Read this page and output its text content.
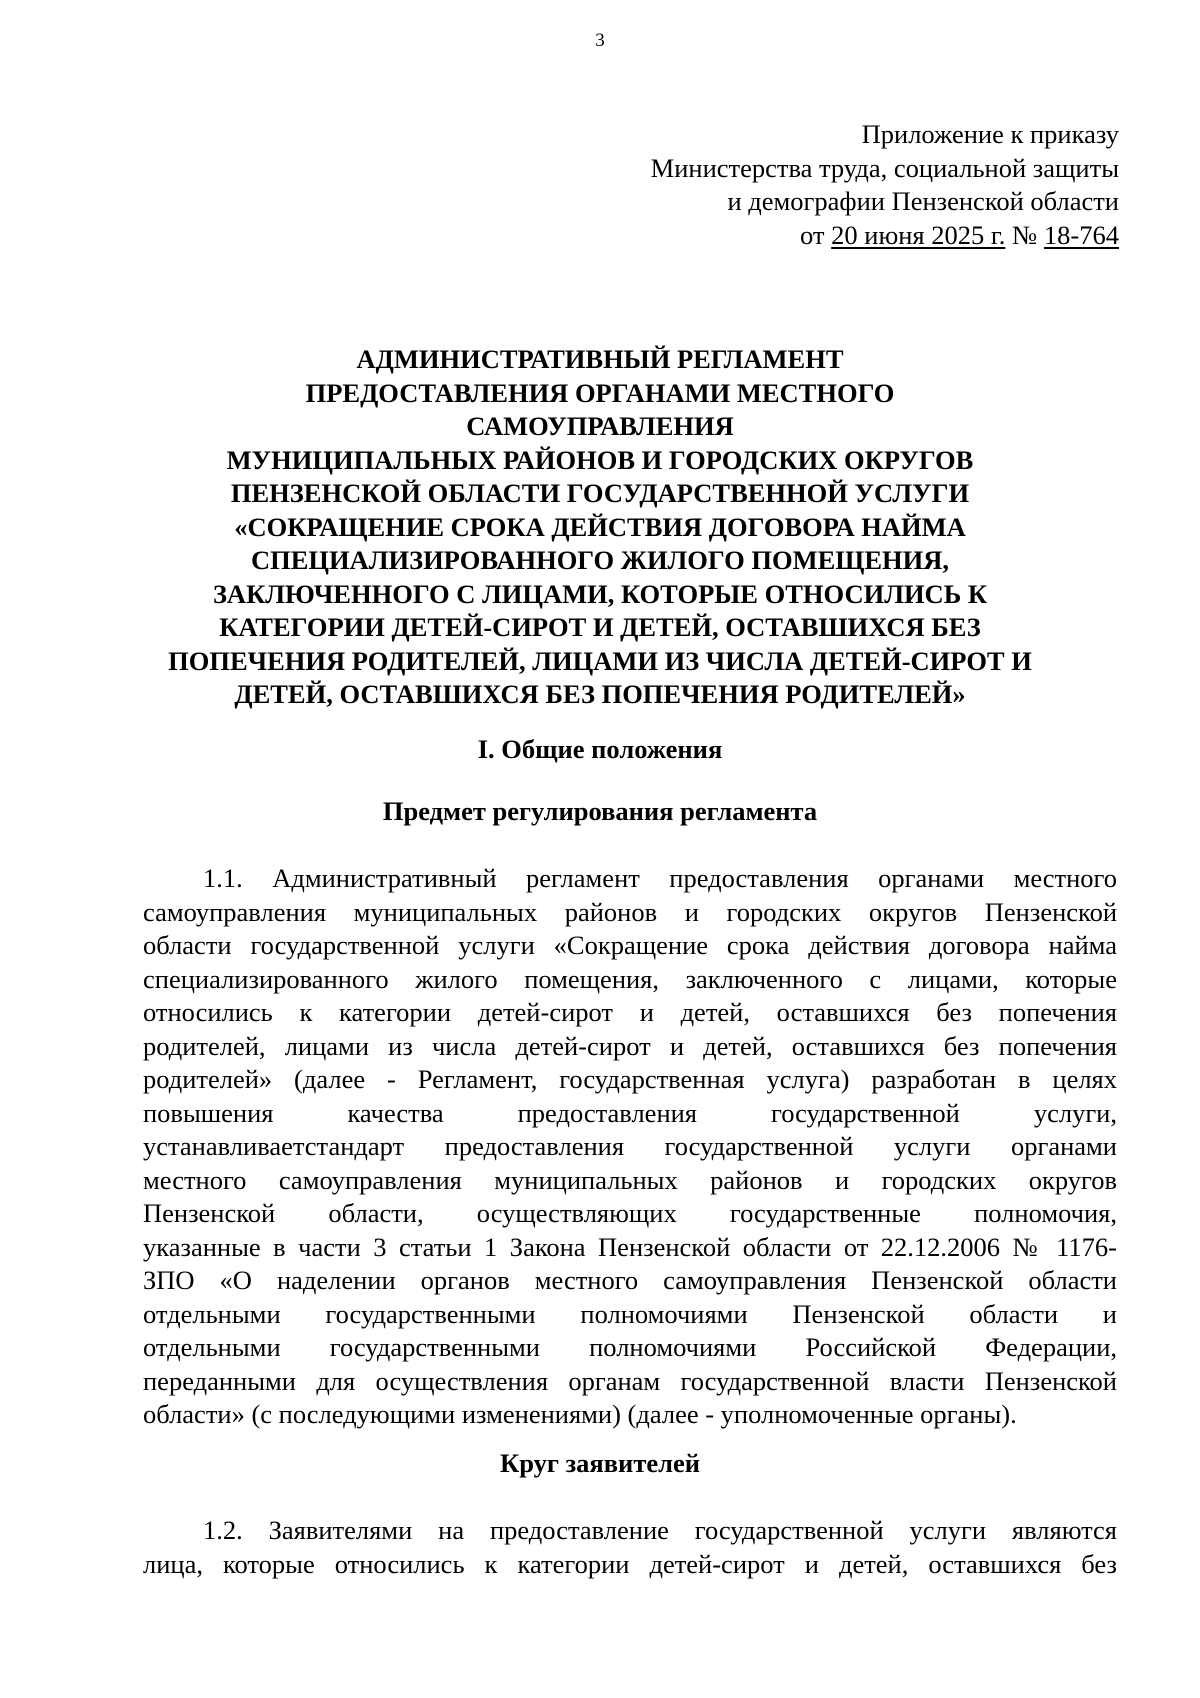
3
Приложение к приказу
Министерства труда, социальной защиты
и демографии Пензенской области
от 20 июня 2025 г. № 18-764
АДМИНИСТРАТИВНЫЙ РЕГЛАМЕНТ
ПРЕДОСТАВЛЕНИЯ ОРГАНАМИ МЕСТНОГО
САМОУПРАВЛЕНИЯ
МУНИЦИПАЛЬНЫХ РАЙОНОВ И ГОРОДСКИХ ОКРУГОВ
ПЕНЗЕНСКОЙ ОБЛАСТИ ГОСУДАРСТВЕННОЙ УСЛУГИ
«СОКРАЩЕНИЕ СРОКА ДЕЙСТВИЯ ДОГОВОРА НАЙМА
СПЕЦИАЛИЗИРОВАННОГО ЖИЛОГО ПОМЕЩЕНИЯ,
ЗАКЛЮЧЕННОГО С ЛИЦАМИ, КОТОРЫЕ ОТНОСИЛИСЬ К
КАТЕГОРИИ ДЕТЕЙ-СИРОТ И ДЕТЕЙ, ОСТАВШИХСЯ БЕЗ
ПОПЕЧЕНИЯ РОДИТЕЛЕЙ, ЛИЦАМИ ИЗ ЧИСЛА ДЕТЕЙ-СИРОТ И
ДЕТЕЙ, ОСТАВШИХСЯ БЕЗ ПОПЕЧЕНИЯ РОДИТЕЛЕЙ»
I. Общие положения
Предмет регулирования регламента
1.1. Административный регламент предоставления органами местного
самоуправления муниципальных районов и городских округов Пензенской
области государственной услуги «Сокращение срока действия договора найма
специализированного жилого помещения, заключенного с лицами, которые
относились к категории детей-сирот и детей, оставшихся без попечения
родителей, лицами из числа детей-сирот и детей, оставшихся без попечения
родителей» (далее - Регламент, государственная услуга) разработан в целях
повышения качества предоставления государственной услуги,
устанавливаетстандарт предоставления государственной услуги органами
местного самоуправления муниципальных районов и городских округов
Пензенской области, осуществляющих государственные полномочия,
указанные в части 3 статьи 1 Закона Пензенской области от 22.12.2006 № 1176-
ЗПО «О наделении органов местного самоуправления Пензенской области
отдельными государственными полномочиями Пензенской области и
отдельными государственными полномочиями Российской Федерации,
переданными для осуществления органам государственной власти Пензенской
области» (с последующими изменениями) (далее - уполномоченные органы).
Круг заявителей
1.2. Заявителями на предоставление государственной услуги являются
лица, которые относились к категории детей-сирот и детей, оставшихся без
